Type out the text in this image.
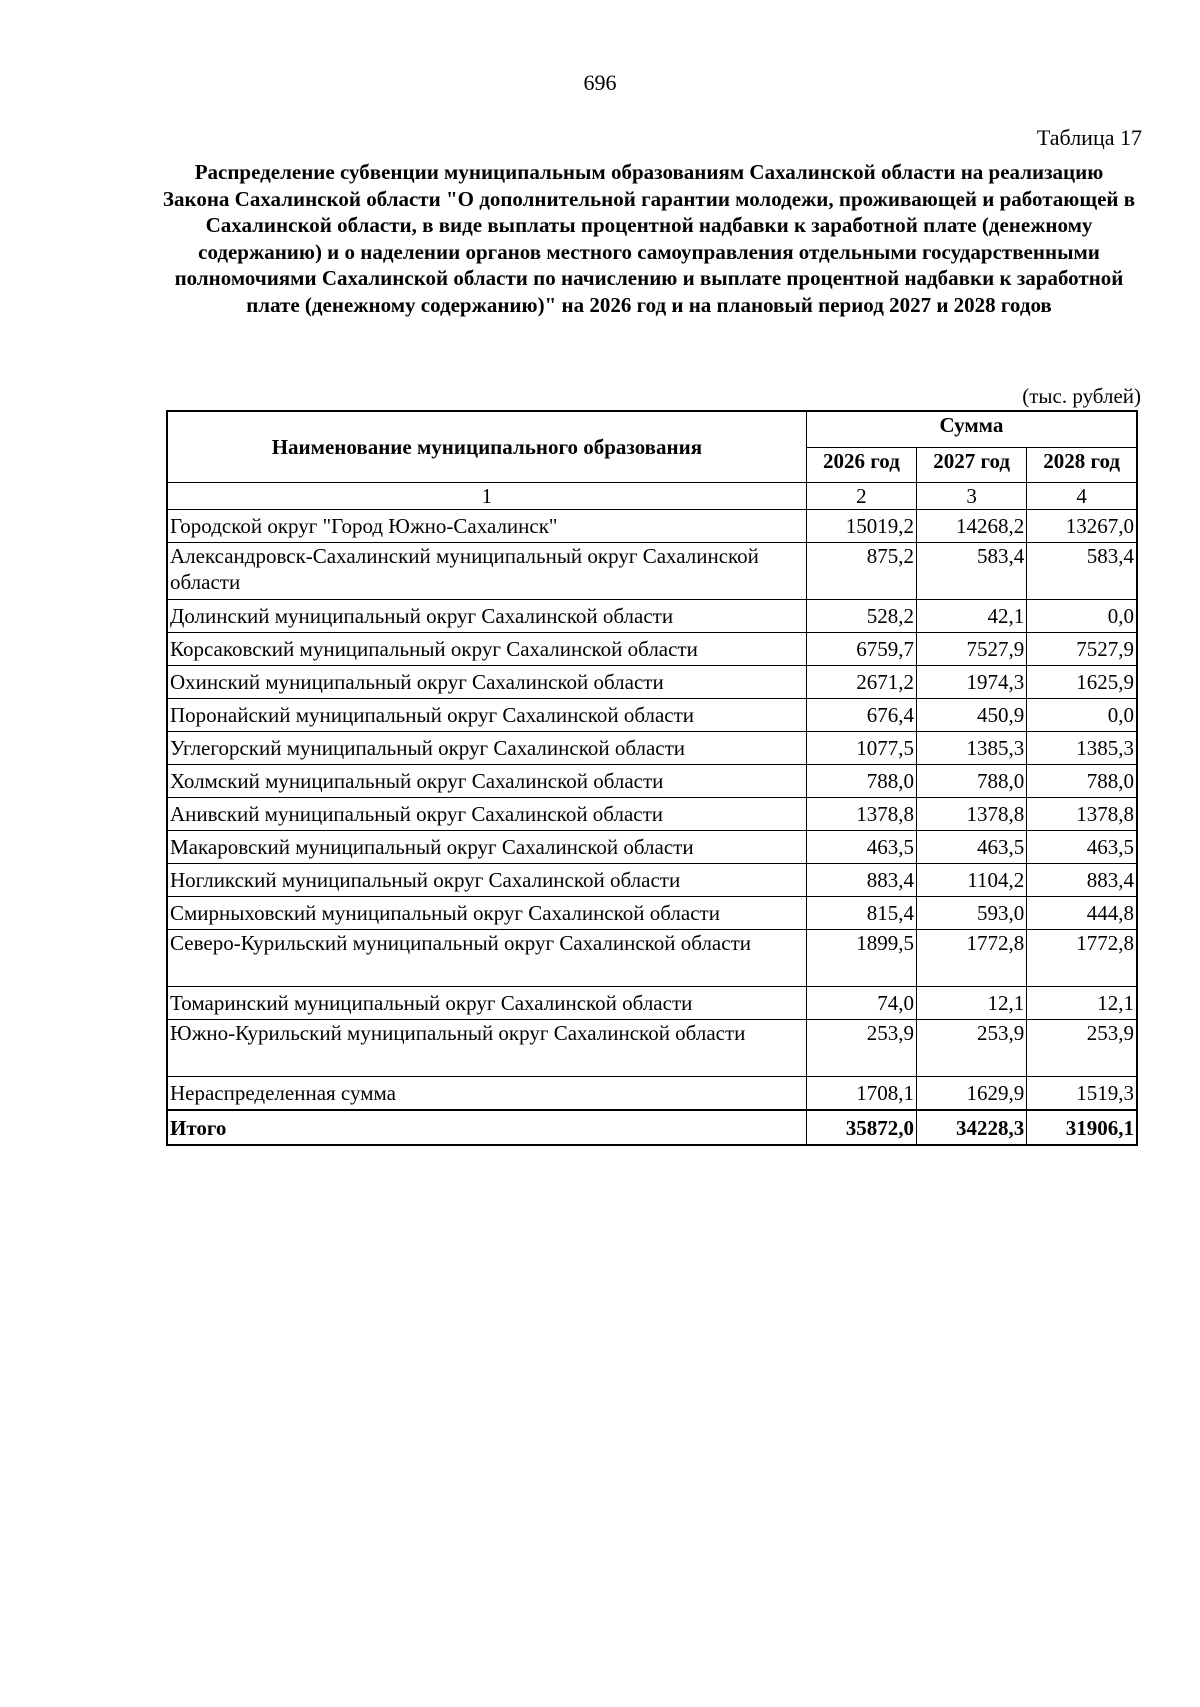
696
Таблица 17
Распределение субвенции муниципальным образованиям Сахалинской области на реализацию Закона Сахалинской области "О дополнительной гарантии молодежи, проживающей и работающей в Сахалинской области, в виде выплаты процентной надбавки к заработной плате (денежному содержанию) и о наделении органов местного самоуправления отдельными государственными полномочиями Сахалинской области по начислению и выплате процентной надбавки к заработной плате (денежному содержанию)" на 2026 год и на плановый период 2027 и 2028 годов
(тыс. рублей)
Наименование муниципального образования	Сумма		
	2026 год	2027 год	2028 год
1	2	3	4
Городской округ "Город Южно-Сахалинск"	15019,2	14268,2	13267,0
Александровск-Сахалинский муниципальный округ Сахалинской области	875,2	583,4	583,4
Долинский муниципальный округ Сахалинской области	528,2	42,1	0,0
Корсаковский муниципальный округ Сахалинской области	6759,7	7527,9	7527,9
Охинский муниципальный округ Сахалинской области	2671,2	1974,3	1625,9
Поронайский муниципальный округ Сахалинской области	676,4	450,9	0,0
Углегорский муниципальный округ Сахалинской области	1077,5	1385,3	1385,3
Холмский муниципальный округ Сахалинской области	788,0	788,0	788,0
Анивский муниципальный округ Сахалинской области	1378,8	1378,8	1378,8
Макаровский муниципальный округ Сахалинской области	463,5	463,5	463,5
Ногликский муниципальный округ Сахалинской области	883,4	1104,2	883,4
Смирныховский муниципальный округ Сахалинской области	815,4	593,0	444,8
Северо-Курильский муниципальный округ Сахалинской области	1899,5	1772,8	1772,8
Томаринский муниципальный округ Сахалинской области	74,0	12,1	12,1
Южно-Курильский муниципальный округ Сахалинской области	253,9	253,9	253,9
Нераспределенная сумма	1708,1	1629,9	1519,3
Итого	35872,0	34228,3	31906,1
